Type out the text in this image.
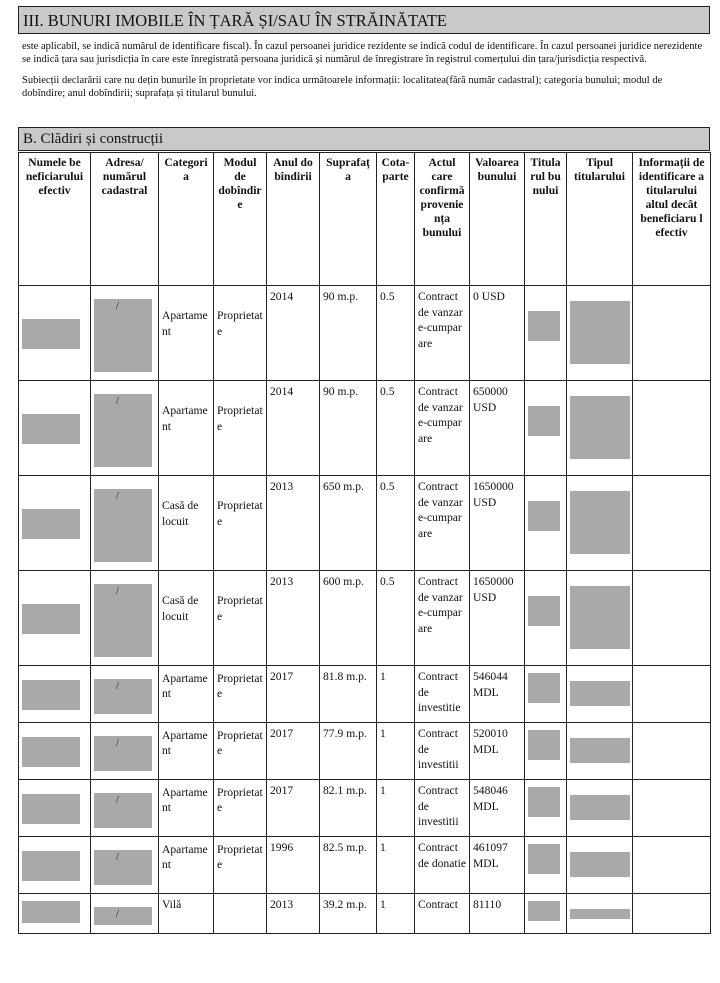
III. BUNURI IMOBILE ÎN ȚARĂ ȘI/SAU ÎN STRĂINĂTATE

este aplicabil, se indică numărul de identificare fiscal). În cazul persoanei juridice rezidente se indică codul de identificare. În cazul persoanei juridice nerezidente se indică țara sau jurisdicția în care este înregistrată persoana juridică și numărul de înregistrare în registrul comerțului din țara/jurisdicția respectivă.

Subiecții declarării care nu dețin bunurile în proprietate vor indica următoarele informații: localitatea(fără număr cadastral); categoria bunului; modul de dobîndire; anul dobîndirii; suprafața și titularul bunului.

B. Clădiri și construcții
Numele be neficiarului efectiv	Adresa/ numărul cadastral	Categori a	Modul de dobîndir e	Anul do bîndirii	Suprafaț a	Cota-parte	Actul care confirmă provenie nța bunului	Valoarea bunului	Titula rul bu nului	Tipul titularului	Informații de identificare a titularului altul decât beneficiaru l efectiv

	/	Apartame nt	Proprietat e	2014	90 m.p.	0.5	Contract de vanzar e-cumpar are	0 USD	

	/	Apartame nt	Proprietat e	2014	90 m.p.	0.5	Contract de vanzar e-cumpar are	650000 USD	

	/	Casă de locuit	Proprietat e	2013	650 m.p.	0.5	Contract de vanzar e-cumpar are	1650000 USD	

	/	Casă de locuit	Proprietat e	2013	600 m.p.	0.5	Contract de vanzar e-cumpar are	1650000 USD	

	/	Apartame nt	Proprietat e	2017	81.8 m.p.	1	Contract de investitie	546044 MDL	

	/	Apartame nt	Proprietat e	2017	77.9 m.p.	1	Contract de investitii	520010 MDL	

	/	Apartame nt	Proprietat e	2017	82.1 m.p.	1	Contract de investitii	548046 MDL	

	/	Apartame nt	Proprietat e	1996	82.5 m.p.	1	Contract de donatie	461097 MDL	

	/	Vilă		2013	39.2 m.p.	1	Contract	81110	
